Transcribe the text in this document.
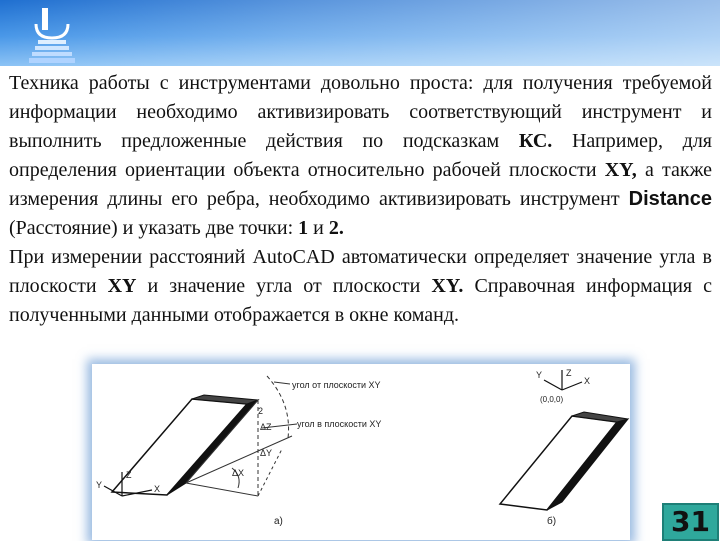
Техника работы с инструментами довольно проста: для получения требуемой информации необходимо активизировать соответствующий инструмент и выполнить предложенные действия по подсказкам КС. Например, для определения ориентации объекта относительно рабочей плоскости XY, а также измерения длины его ребра, необходимо активизировать инструмент Distance (Расстояние) и указать две точки: 1 и 2.

При измерении расстояний AutoCAD автоматически определяет значение угла в плоскости XY и значение угла от плоскости XY. Справочная информация с полученными данными отображается в окне команд.

угол от плоскости XY
угол в плоскости XY
2
ΔZ
ΔY
ΔX
Z
Y	X
а)
Z
X
Y
(0,0,0)
б)	31
